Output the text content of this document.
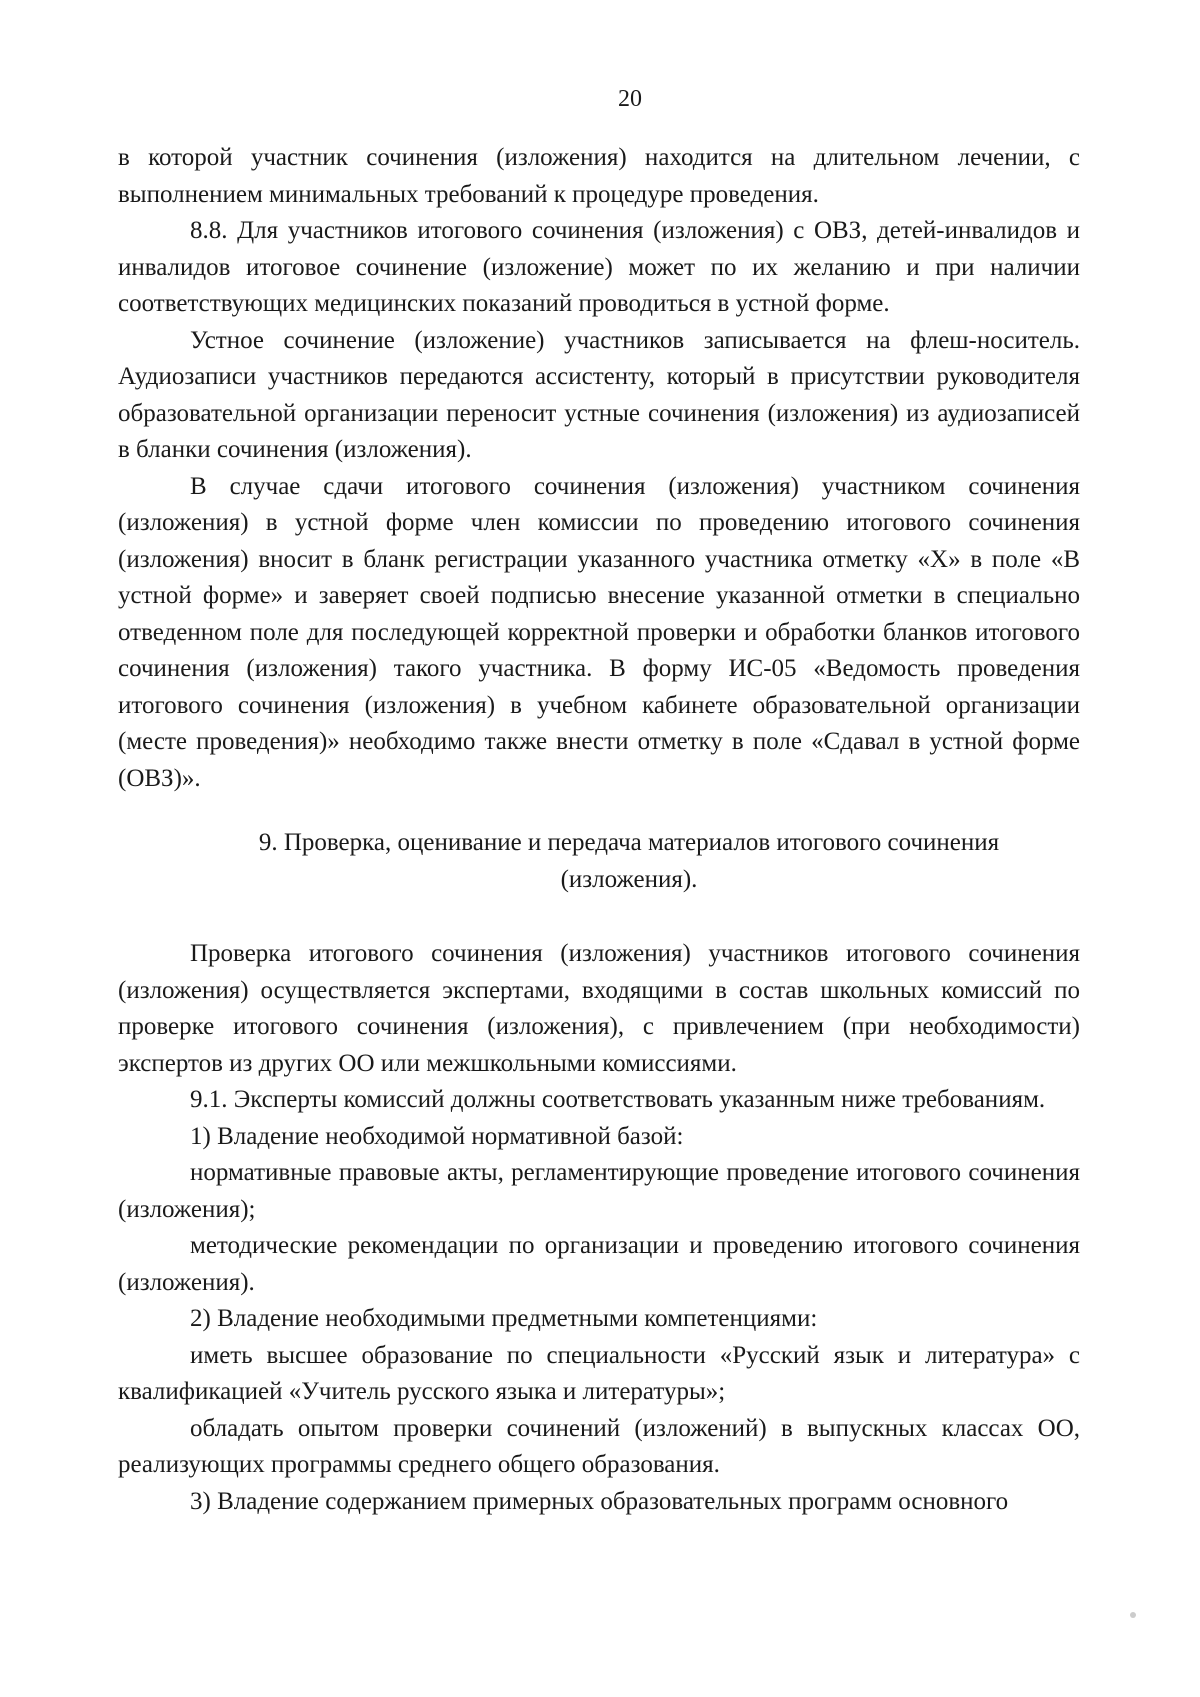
20

в которой участник сочинения (изложения) находится на длительном лечении, с выполнением минимальных требований к процедуре проведения.

8.8. Для участников итогового сочинения (изложения) с ОВЗ, детей-инвалидов и инвалидов итоговое сочинение (изложение) может по их желанию и при наличии соответствующих медицинских показаний проводиться в устной форме.

Устное сочинение (изложение) участников записывается на флеш-носитель. Аудиозаписи участников передаются ассистенту, который в присутствии руководителя образовательной организации переносит устные сочинения (изложения) из аудиозаписей в бланки сочинения (изложения).

В случае сдачи итогового сочинения (изложения) участником сочинения (изложения) в устной форме член комиссии по проведению итогового сочинения (изложения) вносит в бланк регистрации указанного участника отметку «Х» в поле «В устной форме» и заверяет своей подписью внесение указанной отметки в специально отведенном поле для последующей корректной проверки и обработки бланков итогового сочинения (изложения) такого участника. В форму ИС-05 «Ведомость проведения итогового сочинения (изложения) в учебном кабинете образовательной организации (месте проведения)» необходимо также внести отметку в поле «Сдавал в устной форме (ОВЗ)».

9. Проверка, оценивание и передача материалов итогового сочинения
(изложения).

Проверка итогового сочинения (изложения) участников итогового сочинения (изложения) осуществляется экспертами, входящими в состав школьных комиссий по проверке итогового сочинения (изложения), с привлечением (при необходимости) экспертов из других ОО или межшкольными комиссиями.

9.1. Эксперты комиссий должны соответствовать указанным ниже требованиям.

1) Владение необходимой нормативной базой:

нормативные правовые акты, регламентирующие проведение итогового сочинения (изложения);

методические рекомендации по организации и проведению итогового сочинения (изложения).

2) Владение необходимыми предметными компетенциями:

иметь высшее образование по специальности «Русский язык и литература» с квалификацией «Учитель русского языка и литературы»;

обладать опытом проверки сочинений (изложений) в выпускных классах ОО, реализующих программы среднего общего образования.

3) Владение содержанием примерных образовательных программ основного
